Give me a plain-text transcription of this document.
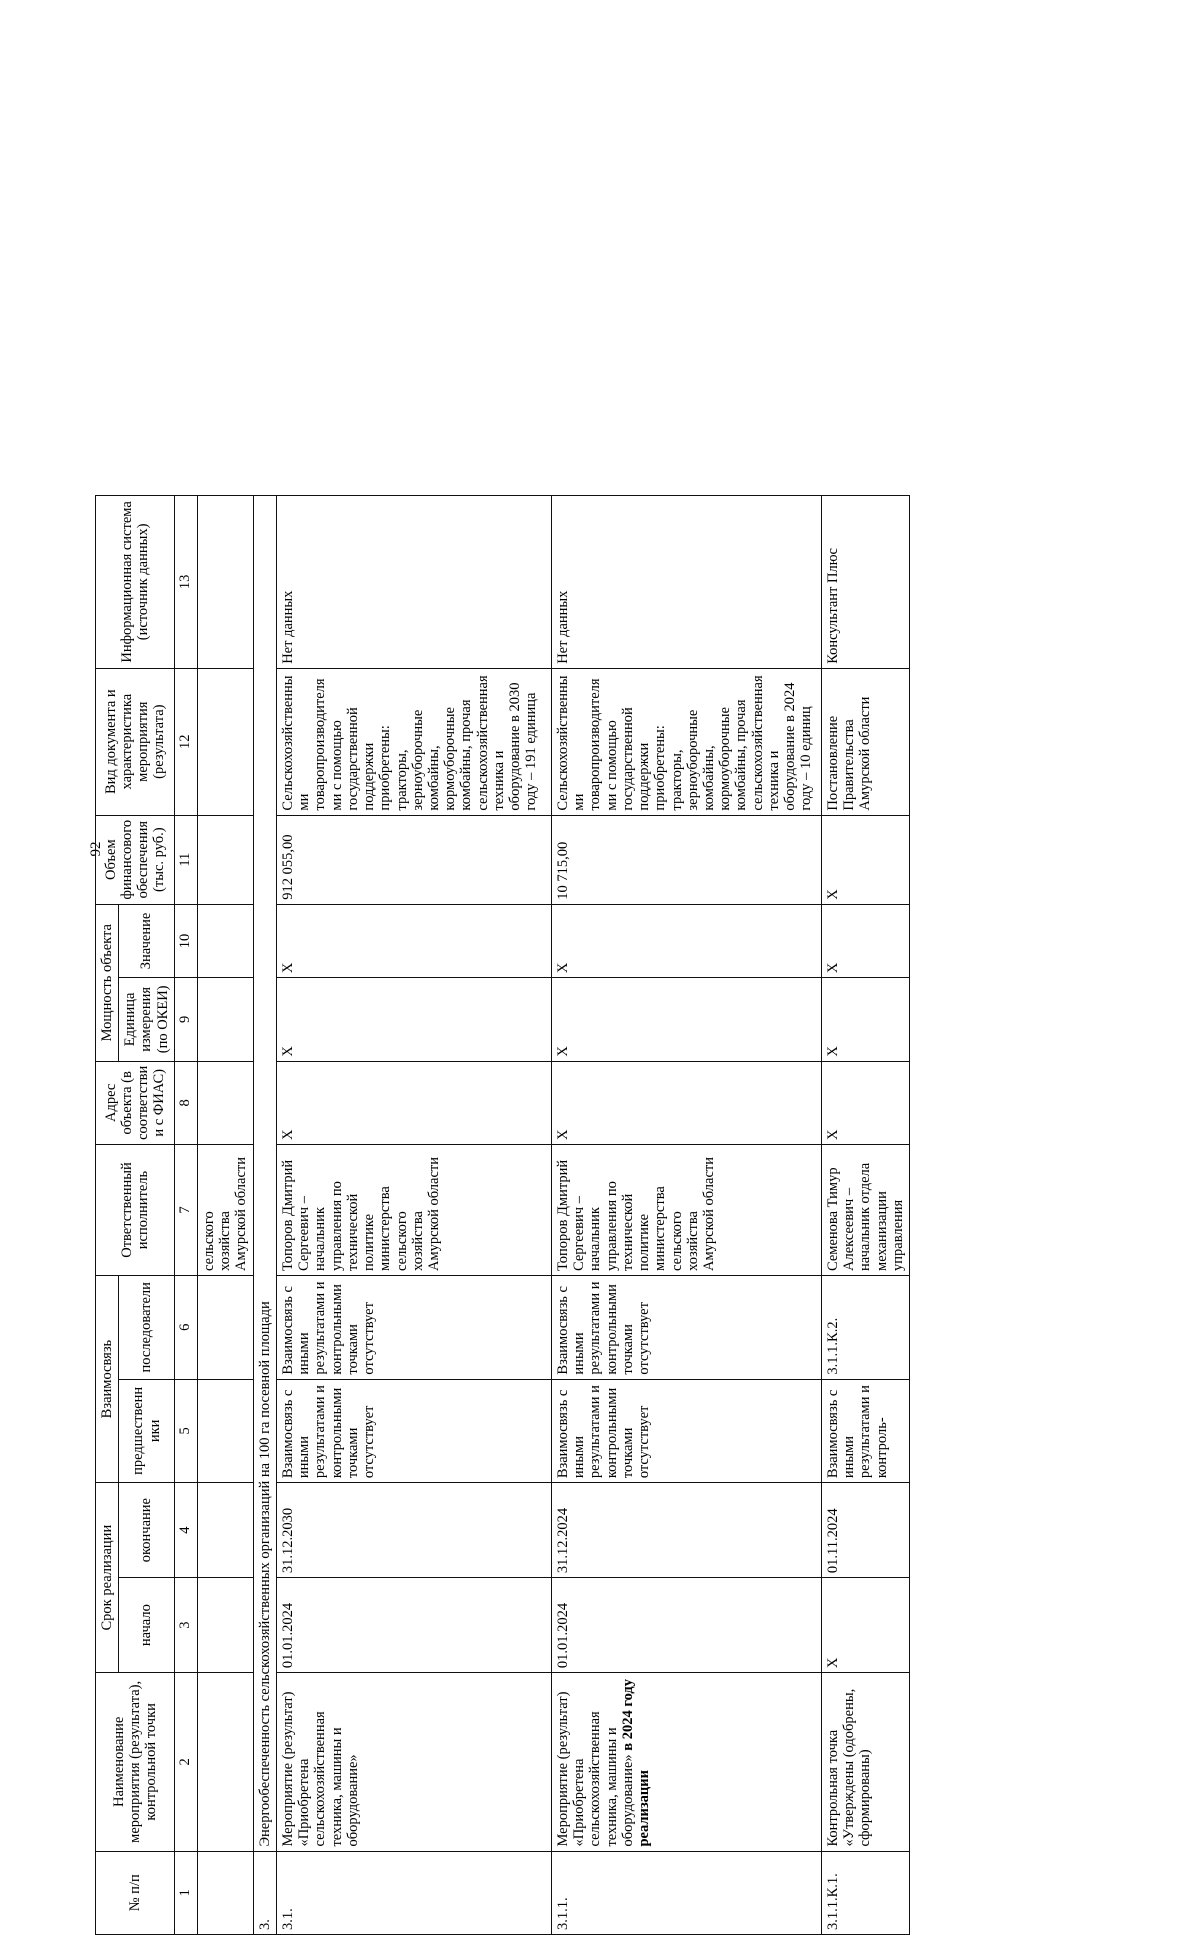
92
№ п/п	Наименование мероприятия (результата), контрольной точки	Срок реализации		Взаимосвязь		Ответственный исполнитель	Адрес объекта (в соответствии с ФИАС)	Мощность объекта		Объем финансового обеспечения (тыс. руб.)	Вид документа и характеристика мероприятия (результата)	Информационная система (источник данных)
		начало	окончание	предшественники	последователи			Единица измерения (по ОКЕИ)	Значение			
1	2	3	4	5	6	7	8	9	10	11	12	13
						сельского хозяйства Амурской области						
3.	Энергообеспеченность сельскохозяйственных организаций на 100 га посевной площади											
3.1.	Мероприятие (результат) «Приобретена сельскохозяйственная техника, машины и оборудование»	01.01.2024	31.12.2030	Взаимосвязь с иными результатами и контрольными точками отсутствует	Взаимосвязь с иными результатами и контрольными точками отсутствует	Топоров Дмитрий Сергеевич – начальник управления по технической политике министерства сельского хозяйства Амурской области	X	X	X	912 055,00	Сельскохозяйственными товаропроизводителями с помощью государственной поддержки приобретены: тракторы, зерноуборочные комбайны, кормоуборочные комбайны, прочая сельскохозяйственная техника и оборудование в 2030 году – 191 единица	Нет данных
3.1.1.	Мероприятие (результат) «Приобретена сельскохозяйственная техника, машины и оборудование» в 2024 году реализации	01.01.2024	31.12.2024	Взаимосвязь с иными результатами и контрольными точками отсутствует	Взаимосвязь с иными результатами и контрольными точками отсутствует	Топоров Дмитрий Сергеевич – начальник управления по технической политике министерства сельского хозяйства Амурской области	X	X	X	10 715,00	Сельскохозяйственными товаропроизводителями с помощью государственной поддержки приобретены: тракторы, зерноуборочные комбайны, кормоуборочные комбайны, прочая сельскохозяйственная техника и оборудование в 2024 году – 10 единиц	Нет данных
3.1.1.К.1.	Контрольная точка «Утверждены (одобрены, сформированы)	X	01.11.2024	Взаимосвязь с иными результатами и контроль-	3.1.1.К.2.	Семенова Тимур Алексеевич – начальник отдела механизации управления	X	X	X	X	Постановление Правительства Амурской области	Консультант Плюс
